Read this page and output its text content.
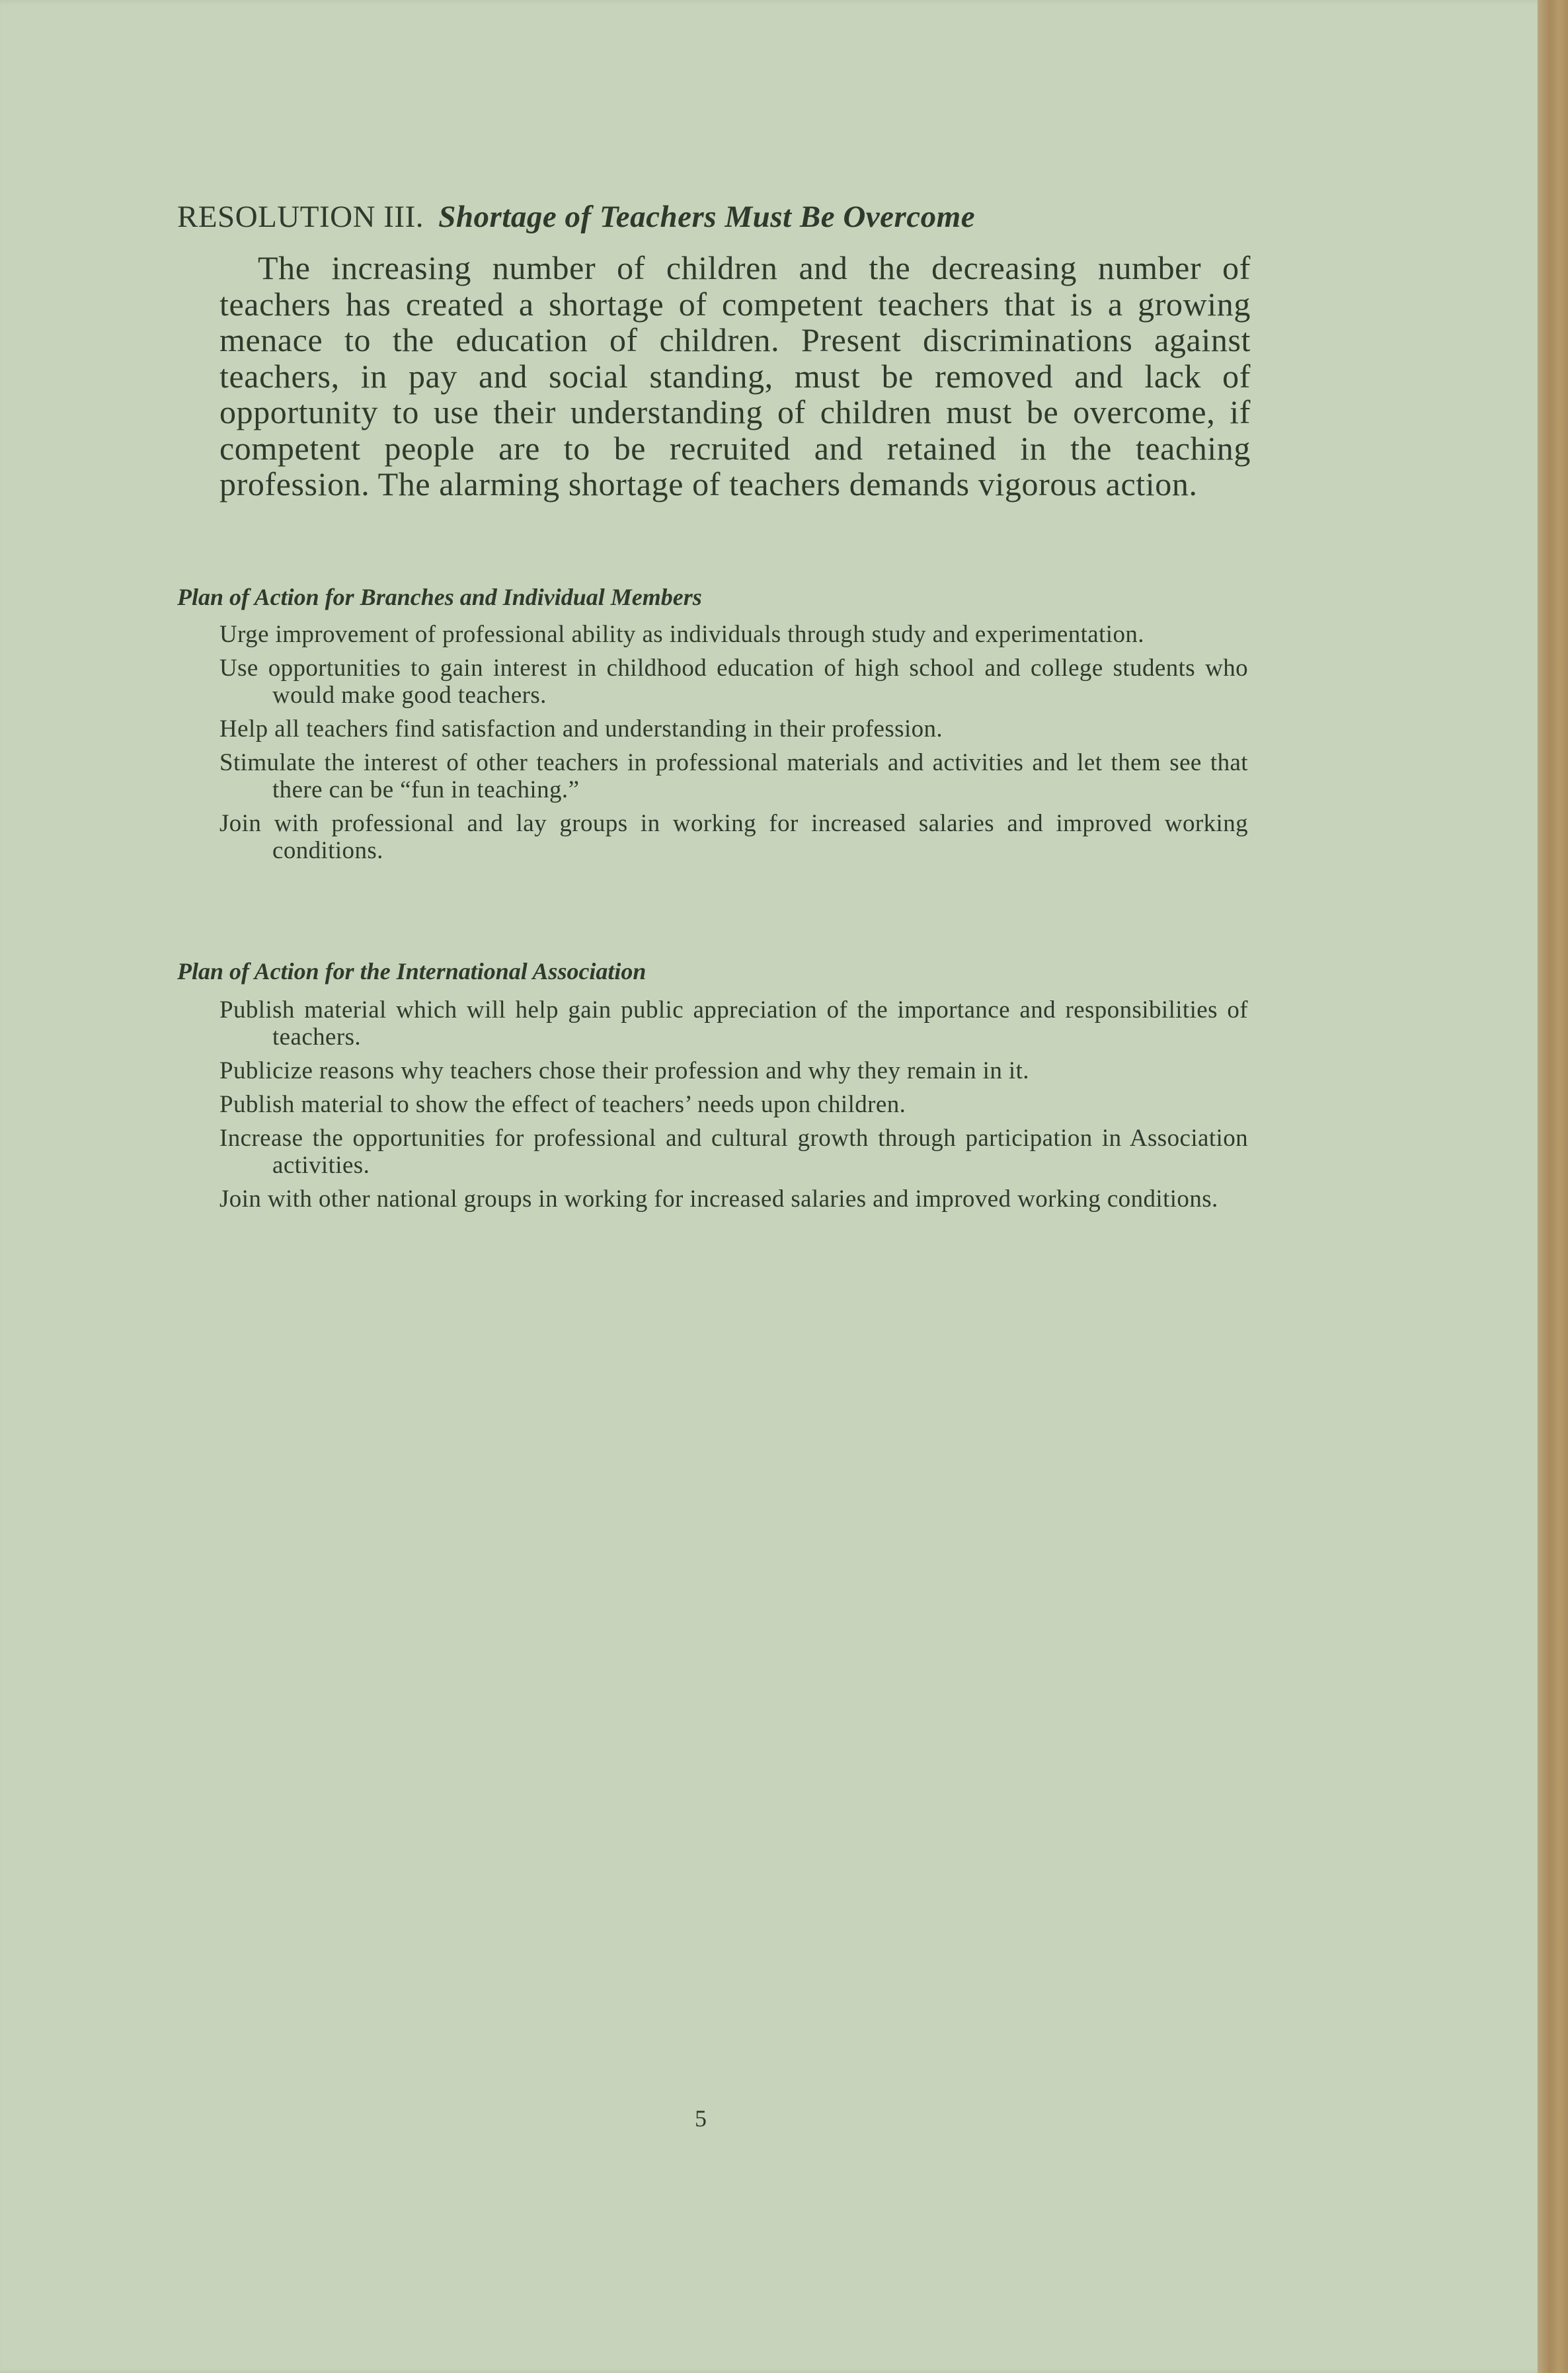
RESOLUTION III. Shortage of Teachers Must Be Overcome

The increasing number of children and the decreasing number of teachers has created a shortage of competent teachers that is a growing menace to the education of children. Present discriminations against teachers, in pay and social standing, must be removed and lack of opportunity to use their understanding of children must be overcome, if competent people are to be recruited and retained in the teaching profession. The alarming shortage of teachers demands vigorous action.

Plan of Action for Branches and Individual Members
Urge improvement of professional ability as individuals through study and experimentation.
Use opportunities to gain interest in childhood education of high school and college students who would make good teachers.
Help all teachers find satisfaction and understanding in their profession.
Stimulate the interest of other teachers in professional materials and activities and let them see that there can be “fun in teaching.”
Join with professional and lay groups in working for increased salaries and improved working conditions.
Plan of Action for the International Association
Publish material which will help gain public appreciation of the importance and responsibilities of teachers.
Publicize reasons why teachers chose their profession and why they remain in it.
Publish material to show the effect of teachers’ needs upon children.
Increase the opportunities for professional and cultural growth through participation in Association activities.
Join with other national groups in working for increased salaries and improved working conditions.
5
